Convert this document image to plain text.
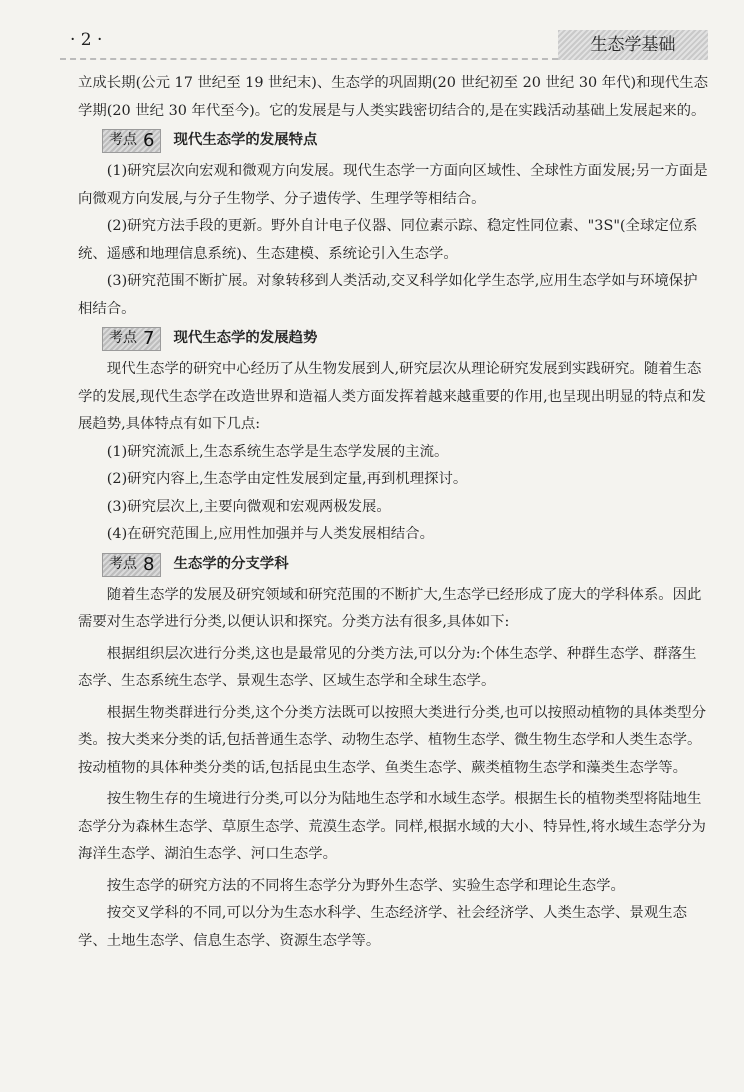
· 2 ·	生态学基础

立成长期(公元 17 世纪至 19 世纪末)、生态学的巩固期(20 世纪初至 20 世纪 30 年代)和现代生态学期(20 世纪 30 年代至今)。它的发展是与人类实践密切结合的,是在实践活动基础上发展起来的。

考点 6 现代生态学的发展特点

(1)研究层次向宏观和微观方向发展。现代生态学一方面向区域性、全球性方面发展;另一方面是向微观方向发展,与分子生物学、分子遗传学、生理学等相结合。

(2)研究方法手段的更新。野外自计电子仪器、同位素示踪、稳定性同位素、"3S"(全球定位系统、遥感和地理信息系统)、生态建模、系统论引入生态学。

(3)研究范围不断扩展。对象转移到人类活动,交叉科学如化学生态学,应用生态学如与环境保护相结合。

考点 7 现代生态学的发展趋势

现代生态学的研究中心经历了从生物发展到人,研究层次从理论研究发展到实践研究。随着生态学的发展,现代生态学在改造世界和造福人类方面发挥着越来越重要的作用,也呈现出明显的特点和发展趋势,具体特点有如下几点:

(1)研究流派上,生态系统生态学是生态学发展的主流。

(2)研究内容上,生态学由定性发展到定量,再到机理探讨。

(3)研究层次上,主要向微观和宏观两极发展。

(4)在研究范围上,应用性加强并与人类发展相结合。

考点 8 生态学的分支学科

随着生态学的发展及研究领域和研究范围的不断扩大,生态学已经形成了庞大的学科体系。因此需要对生态学进行分类,以便认识和探究。分类方法有很多,具体如下:

根据组织层次进行分类,这也是最常见的分类方法,可以分为:个体生态学、种群生态学、群落生态学、生态系统生态学、景观生态学、区域生态学和全球生态学。

根据生物类群进行分类,这个分类方法既可以按照大类进行分类,也可以按照动植物的具体类型分类。按大类来分类的话,包括普通生态学、动物生态学、植物生态学、微生物生态学和人类生态学。按动植物的具体种类分类的话,包括昆虫生态学、鱼类生态学、蕨类植物生态学和藻类生态学等。

按生物生存的生境进行分类,可以分为陆地生态学和水域生态学。根据生长的植物类型将陆地生态学分为森林生态学、草原生态学、荒漠生态学。同样,根据水域的大小、特异性,将水域生态学分为海洋生态学、湖泊生态学、河口生态学。

按生态学的研究方法的不同将生态学分为野外生态学、实验生态学和理论生态学。

按交叉学科的不同,可以分为生态水科学、生态经济学、社会经济学、人类生态学、景观生态学、土地生态学、信息生态学、资源生态学等。
